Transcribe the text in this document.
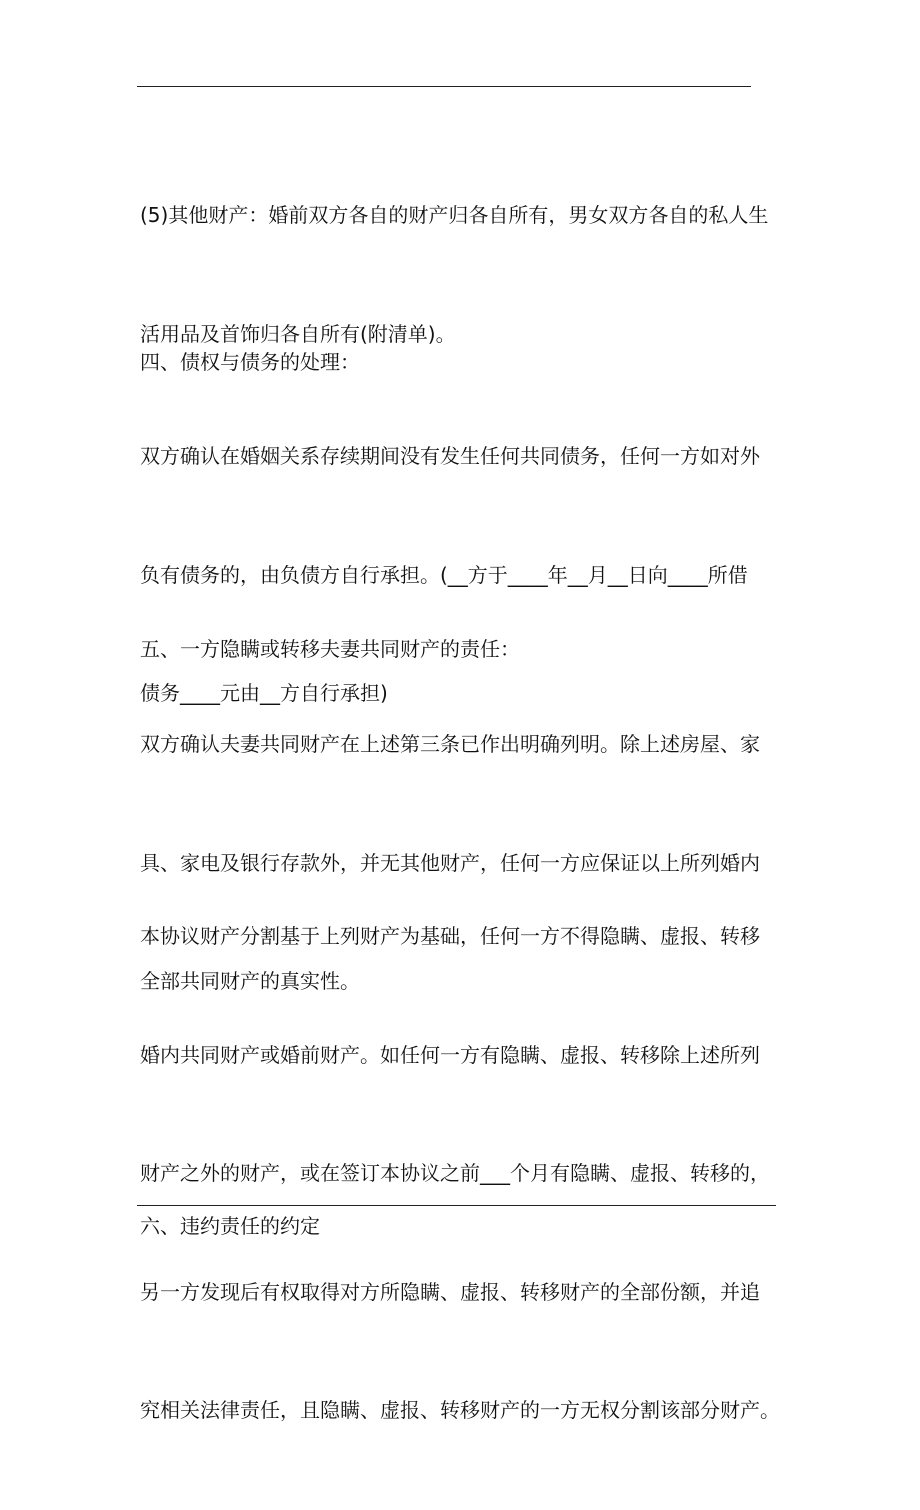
(5)其他财产：婚前双方各自的财产归各自所有，男女双方各自的私人生

活用品及首饰归各自所有(附清单)。

四、债权与债务的处理：

双方确认在婚姻关系存续期间没有发生任何共同债务，任何一方如对外

负有债务的，由负债方自行承担。(__方于____年__月__日向____所借

债务____元由__方自行承担)

五、一方隐瞒或转移夫妻共同财产的责任：

双方确认夫妻共同财产在上述第三条已作出明确列明。除上述房屋、家

具、家电及银行存款外，并无其他财产，任何一方应保证以上所列婚内

全部共同财产的真实性。

本协议财产分割基于上列财产为基础，任何一方不得隐瞒、虚报、转移

婚内共同财产或婚前财产。如任何一方有隐瞒、虚报、转移除上述所列

财产之外的财产，或在签订本协议之前___个月有隐瞒、虚报、转移的，

另一方发现后有权取得对方所隐瞒、虚报、转移财产的全部份额，并追

究相关法律责任，且隐瞒、虚报、转移财产的一方无权分割该部分财产。

六、违约责任的约定
